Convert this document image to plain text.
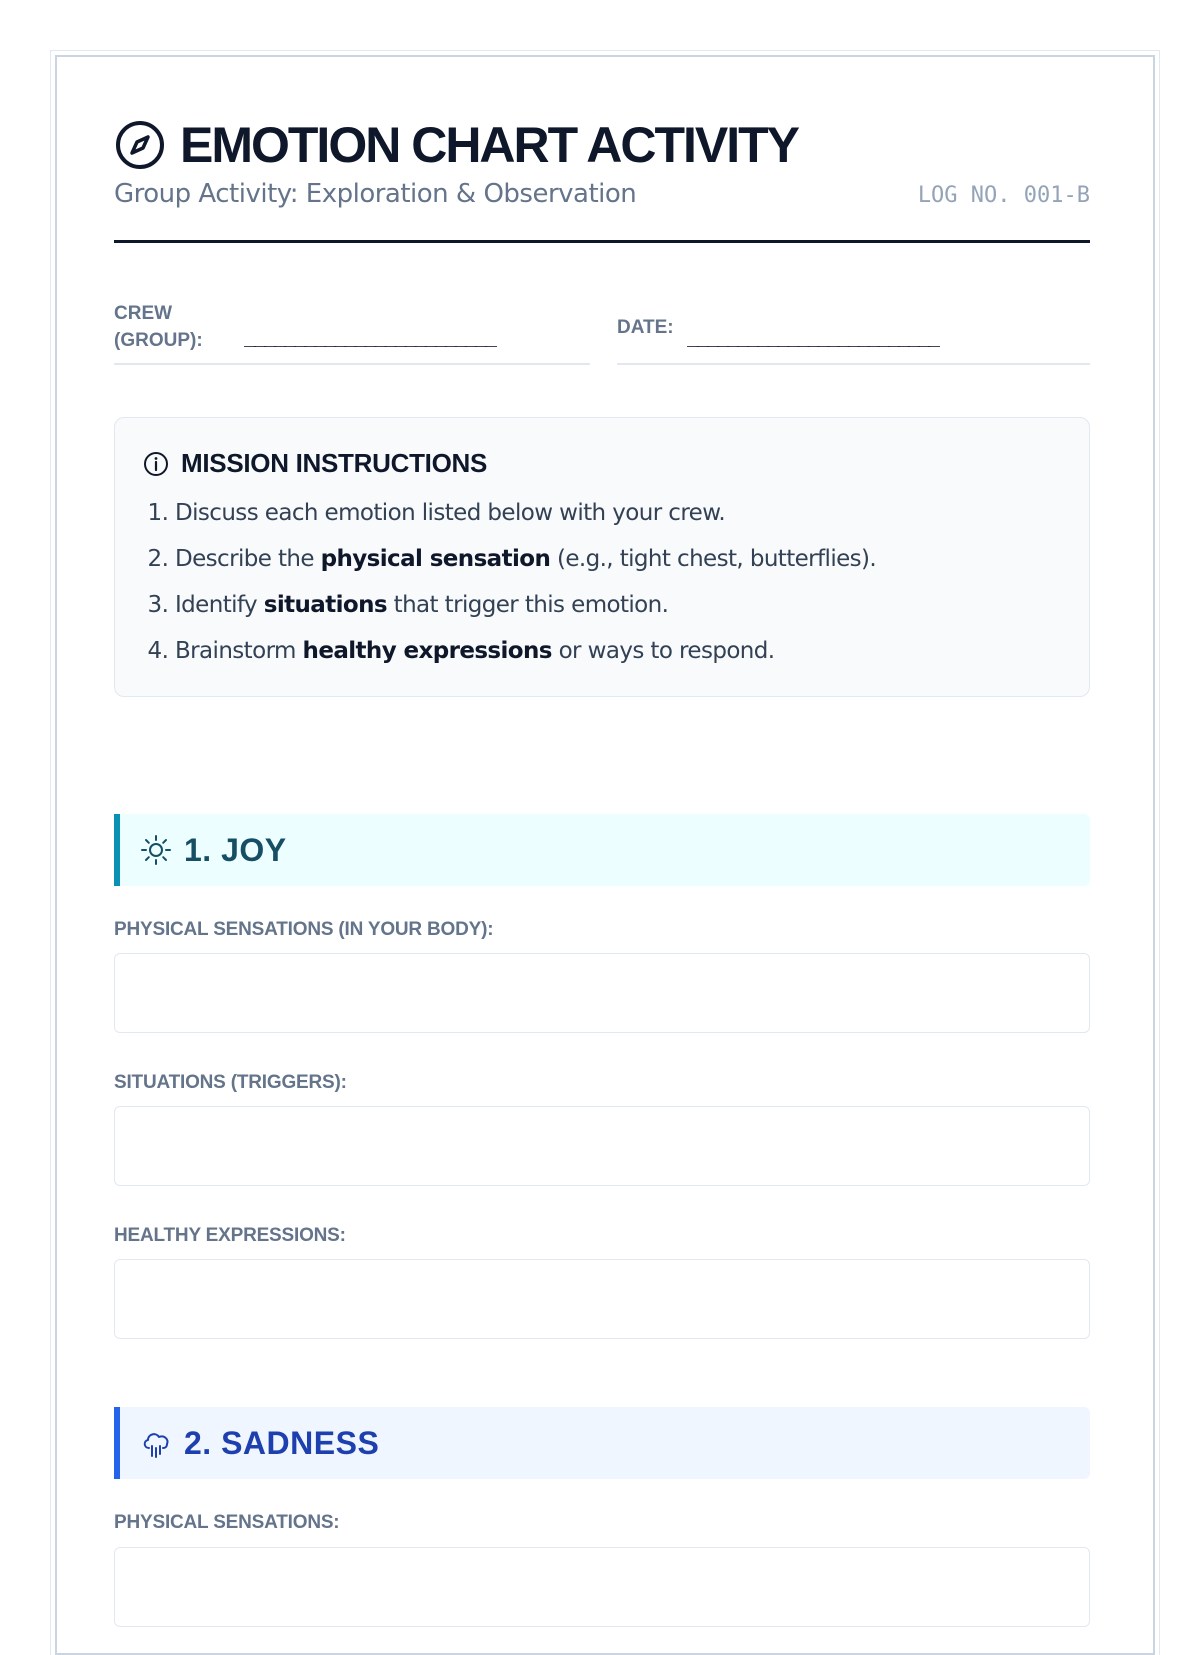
EMOTION CHART ACTIVITY
Group Activity: Exploration & Observation	LOG NO. 001-B
CREW
(GROUP): _________________________	DATE: _________________________
MISSION INSTRUCTIONS
1. Discuss each emotion listed below with your crew.
2. Describe the physical sensation (e.g., tight chest, butterflies).
3. Identify situations that trigger this emotion.
4. Brainstorm healthy expressions or ways to respond.
1. JOY
PHYSICAL SENSATIONS (IN YOUR BODY):
SITUATIONS (TRIGGERS):
HEALTHY EXPRESSIONS:
2. SADNESS
PHYSICAL SENSATIONS:
